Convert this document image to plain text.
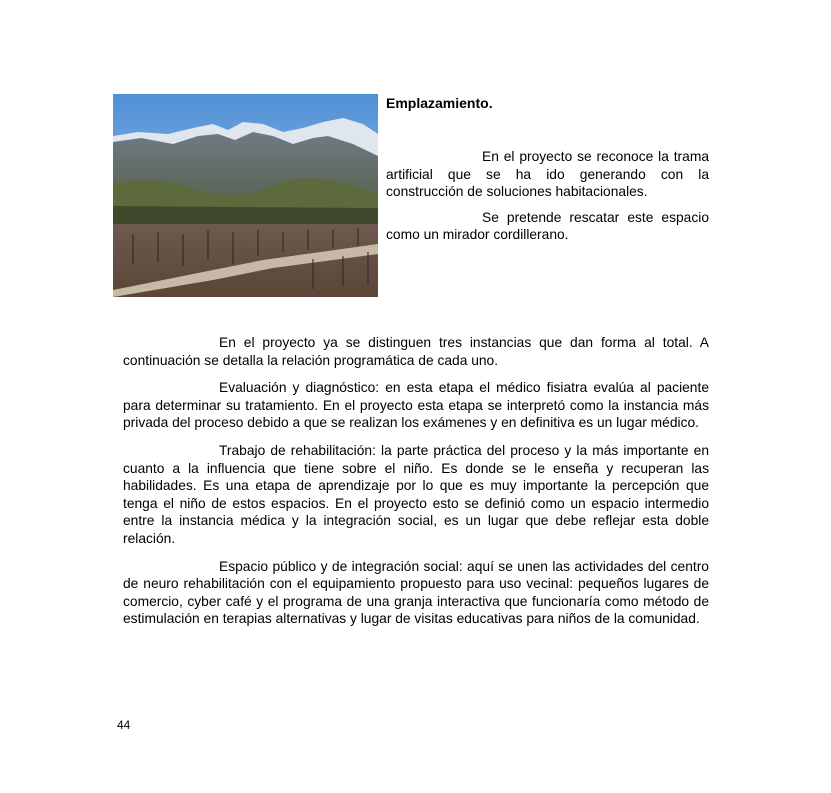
Emplazamiento.

En el proyecto se reconoce la trama artificial que se ha ido generando con la construcción de soluciones habitacionales.

Se pretende rescatar este espacio como un mirador cordillerano.

En el proyecto ya se distinguen tres instancias que dan forma al total. A continuación se detalla la relación programática de cada uno.

Evaluación y diagnóstico: en esta etapa el médico fisiatra evalúa al paciente para determinar su tratamiento. En el proyecto esta etapa se interpretó como la instancia más privada del proceso debido a que se realizan los exámenes y en definitiva es un lugar médico.

Trabajo de rehabilitación: la parte práctica del proceso y la más importante en cuanto a la influencia que tiene sobre el niño. Es donde se le enseña y recuperan las habilidades. Es una etapa de aprendizaje por lo que es muy importante la percepción que tenga el niño de estos espacios. En el proyecto esto se definió como un espacio intermedio entre la instancia médica y la integración social, es un lugar que debe reflejar esta doble relación.

Espacio público y de integración social: aquí se unen las actividades del centro de neuro rehabilitación con el equipamiento propuesto para uso vecinal: pequeños lugares de comercio, cyber café y el programa de una granja interactiva que funcionaría como método de estimulación en terapias alternativas y lugar de visitas educativas para niños de la comunidad.

44
